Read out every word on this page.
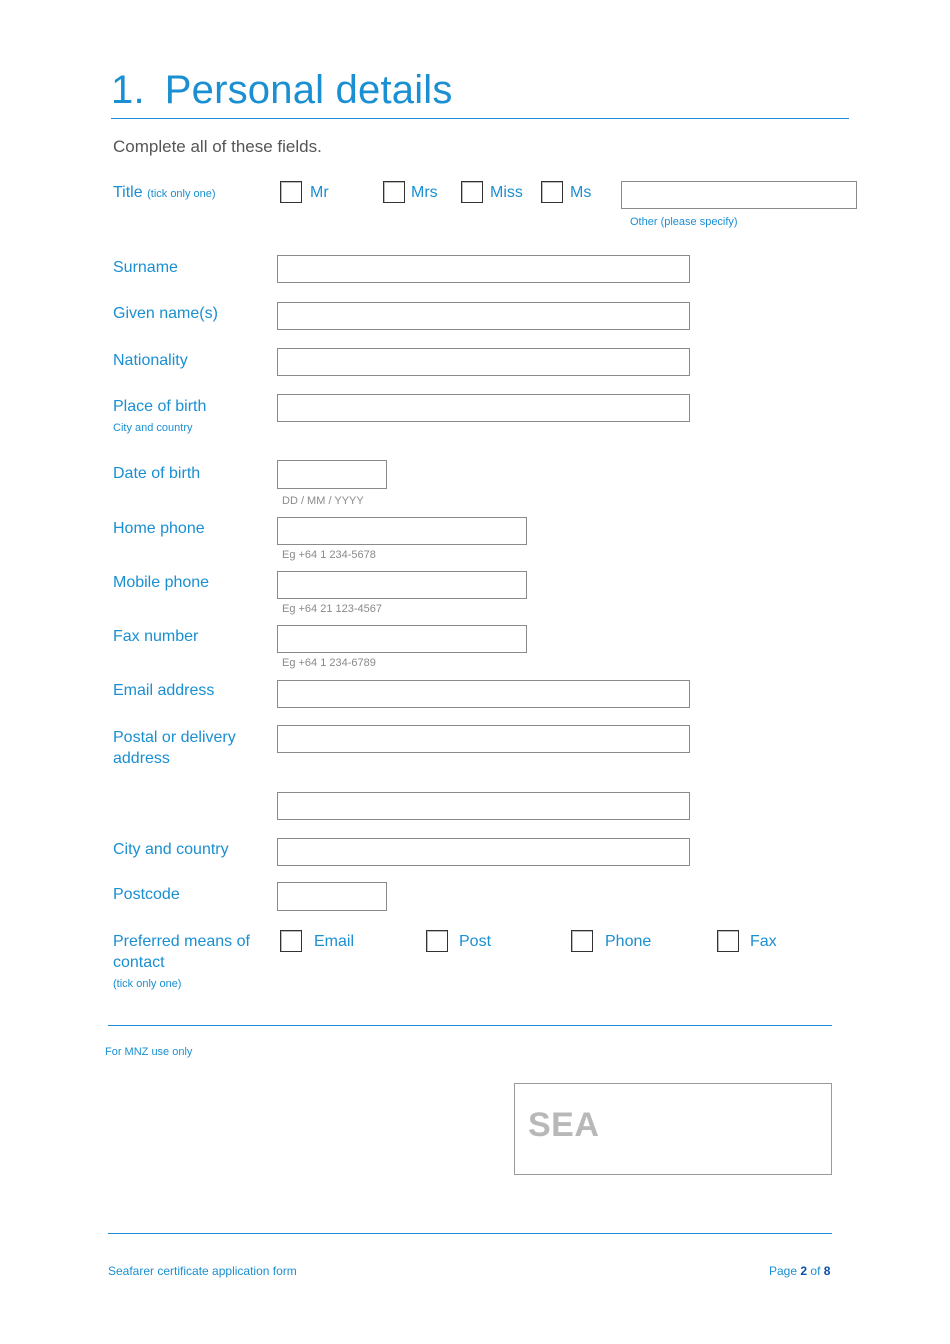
1. Personal details
Complete all of these fields.
Title (tick only one)	Mr	Mrs	Miss	Ms
Other (please specify)
Surname
Given name(s)
Nationality
Place of birth
City and country
Date of birth
DD / MM / YYYY
Home phone
Eg +64 1 234-5678
Mobile phone
Eg +64 21 123-4567
Fax number
Eg +64 1 234-6789
Email address
Postal or delivery
address
City and country
Postcode
Preferred means of
contact
(tick only one)
Email	Post	Phone	Fax
For MNZ use only
SEA
Seafarer certificate application form	Page 2 of 8
